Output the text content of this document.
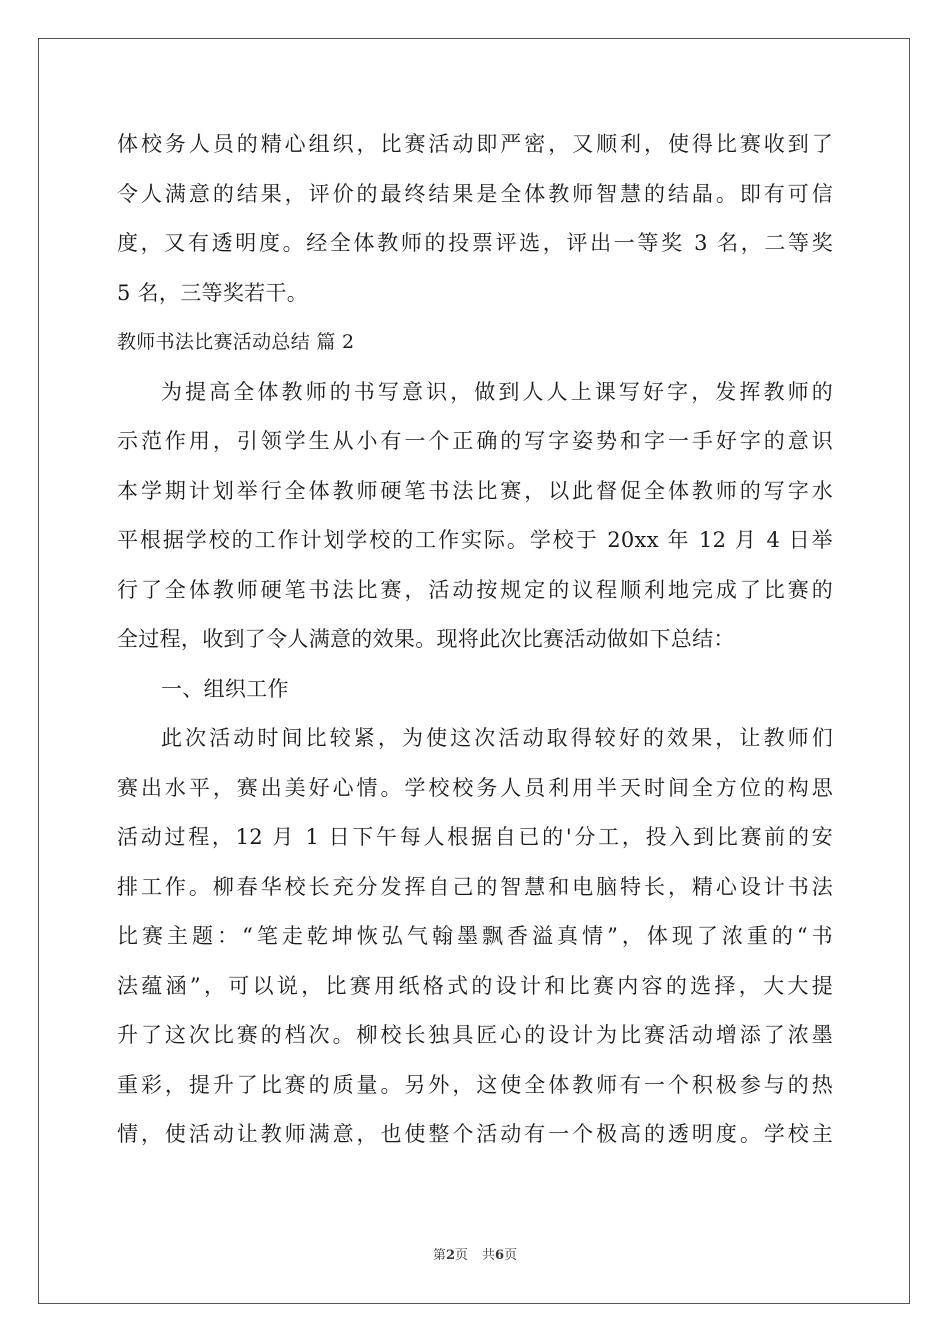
体校务人员的精心组织，比赛活动即严密，又顺利，使得比赛收到了
令人满意的结果，评价的最终结果是全体教师智慧的结晶。即有可信
度，又有透明度。经全体教师的投票评选，评出一等奖 3 名，二等奖
5 名，三等奖若干。
教师书法比赛活动总结 篇 2
为提高全体教师的书写意识，做到人人上课写好字，发挥教师的
示范作用，引领学生从小有一个正确的写字姿势和字一手好字的意识
本学期计划举行全体教师硬笔书法比赛，以此督促全体教师的写字水
平根据学校的工作计划学校的工作实际。学校于 20xx 年 12 月 4 日举
行了全体教师硬笔书法比赛，活动按规定的议程顺利地完成了比赛的
全过程，收到了令人满意的效果。现将此次比赛活动做如下总结：
一、组织工作
此次活动时间比较紧，为使这次活动取得较好的效果，让教师们
赛出水平，赛出美好心情。学校校务人员利用半天时间全方位的构思
活动过程，12 月 1 日下午每人根据自已的'分工，投入到比赛前的安
排工作。柳春华校长充分发挥自己的智慧和电脑特长，精心设计书法
比赛主题：“笔走乾坤恢弘气翰墨飘香溢真情”，体现了浓重的“书
法蕴涵”，可以说，比赛用纸格式的设计和比赛内容的选择，大大提
升了这次比赛的档次。柳校长独具匠心的设计为比赛活动增添了浓墨
重彩，提升了比赛的质量。另外，这使全体教师有一个积极参与的热
情，使活动让教师满意，也使整个活动有一个极高的透明度。学校主
第2页 共6页
